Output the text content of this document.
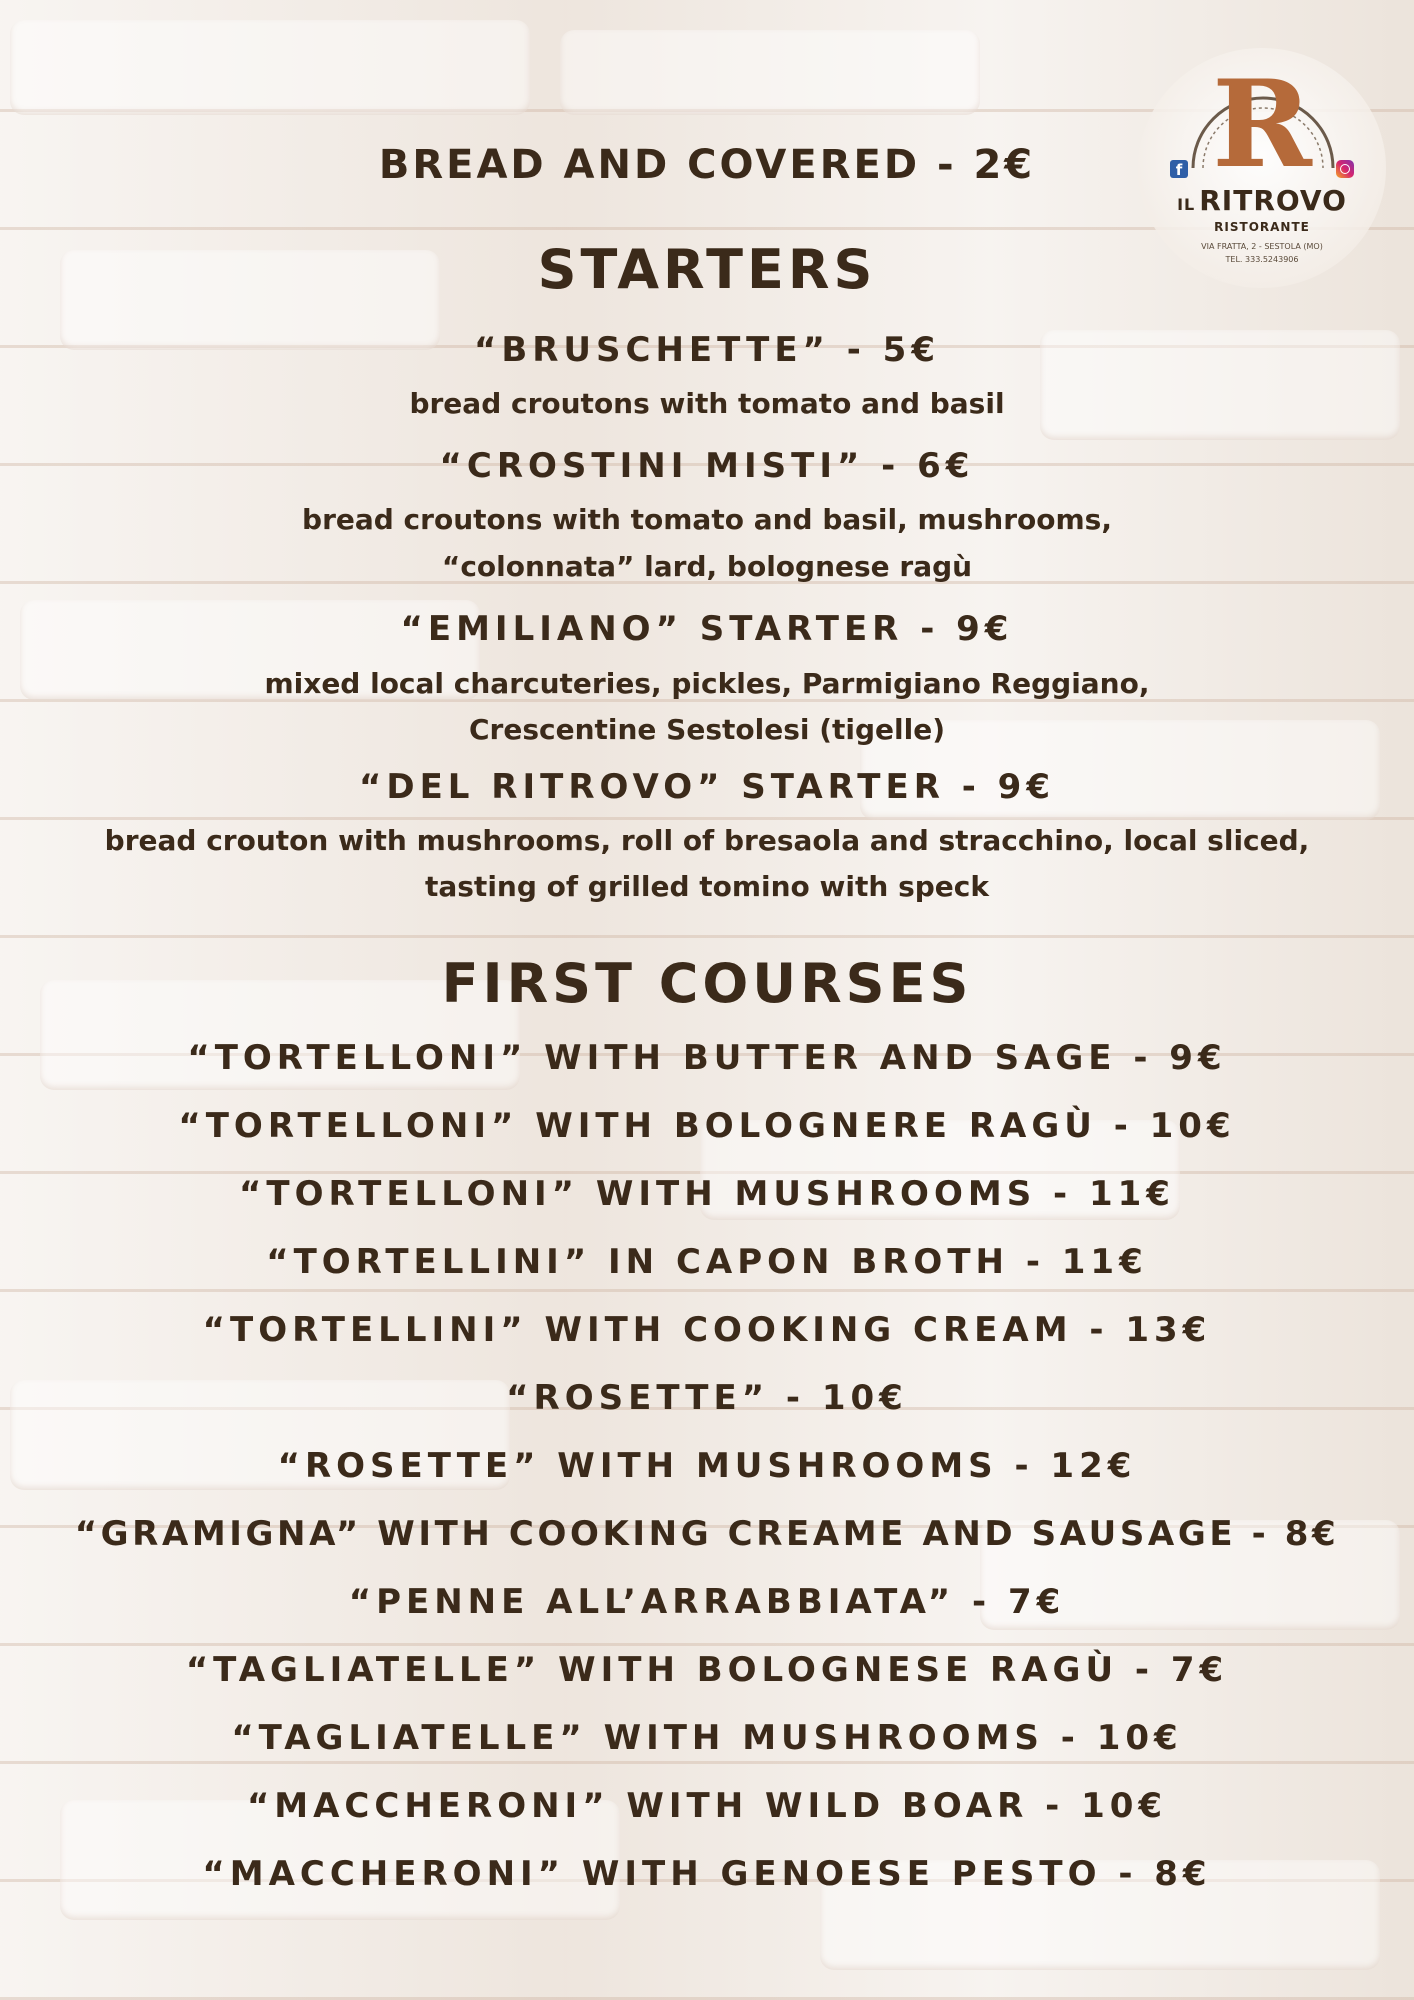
R
f
IL RITROVO
RISTORANTE
VIA FRATTA, 2 - SESTOLA (MO)
TEL. 333.5243906
BREAD AND COVERED - 2€
STARTERS
“BRUSCHETTE” - 5€
bread croutons with tomato and basil
“CROSTINI MISTI” - 6€
bread croutons with tomato and basil, mushrooms,
“colonnata” lard, bolognese ragù
“EMILIANO” STARTER - 9€
mixed local charcuteries, pickles, Parmigiano Reggiano,
Crescentine Sestolesi (tigelle)
“DEL RITROVO” STARTER - 9€
bread crouton with mushrooms, roll of bresaola and stracchino, local sliced,
tasting of grilled tomino with speck
FIRST COURSES
“TORTELLONI” WITH BUTTER AND SAGE - 9€
“TORTELLONI” WITH BOLOGNERE RAGÙ - 10€
“TORTELLONI” WITH MUSHROOMS - 11€
“TORTELLINI” IN CAPON BROTH - 11€
“TORTELLINI” WITH COOKING CREAM - 13€
“ROSETTE” - 10€
“ROSETTE” WITH MUSHROOMS - 12€
“GRAMIGNA” WITH COOKING CREAME AND SAUSAGE - 8€
“PENNE ALL’ARRABBIATA” - 7€
“TAGLIATELLE” WITH BOLOGNESE RAGÙ - 7€
“TAGLIATELLE” WITH MUSHROOMS - 10€
“MACCHERONI” WITH WILD BOAR - 10€
“MACCHERONI” WITH GENOESE PESTO - 8€
